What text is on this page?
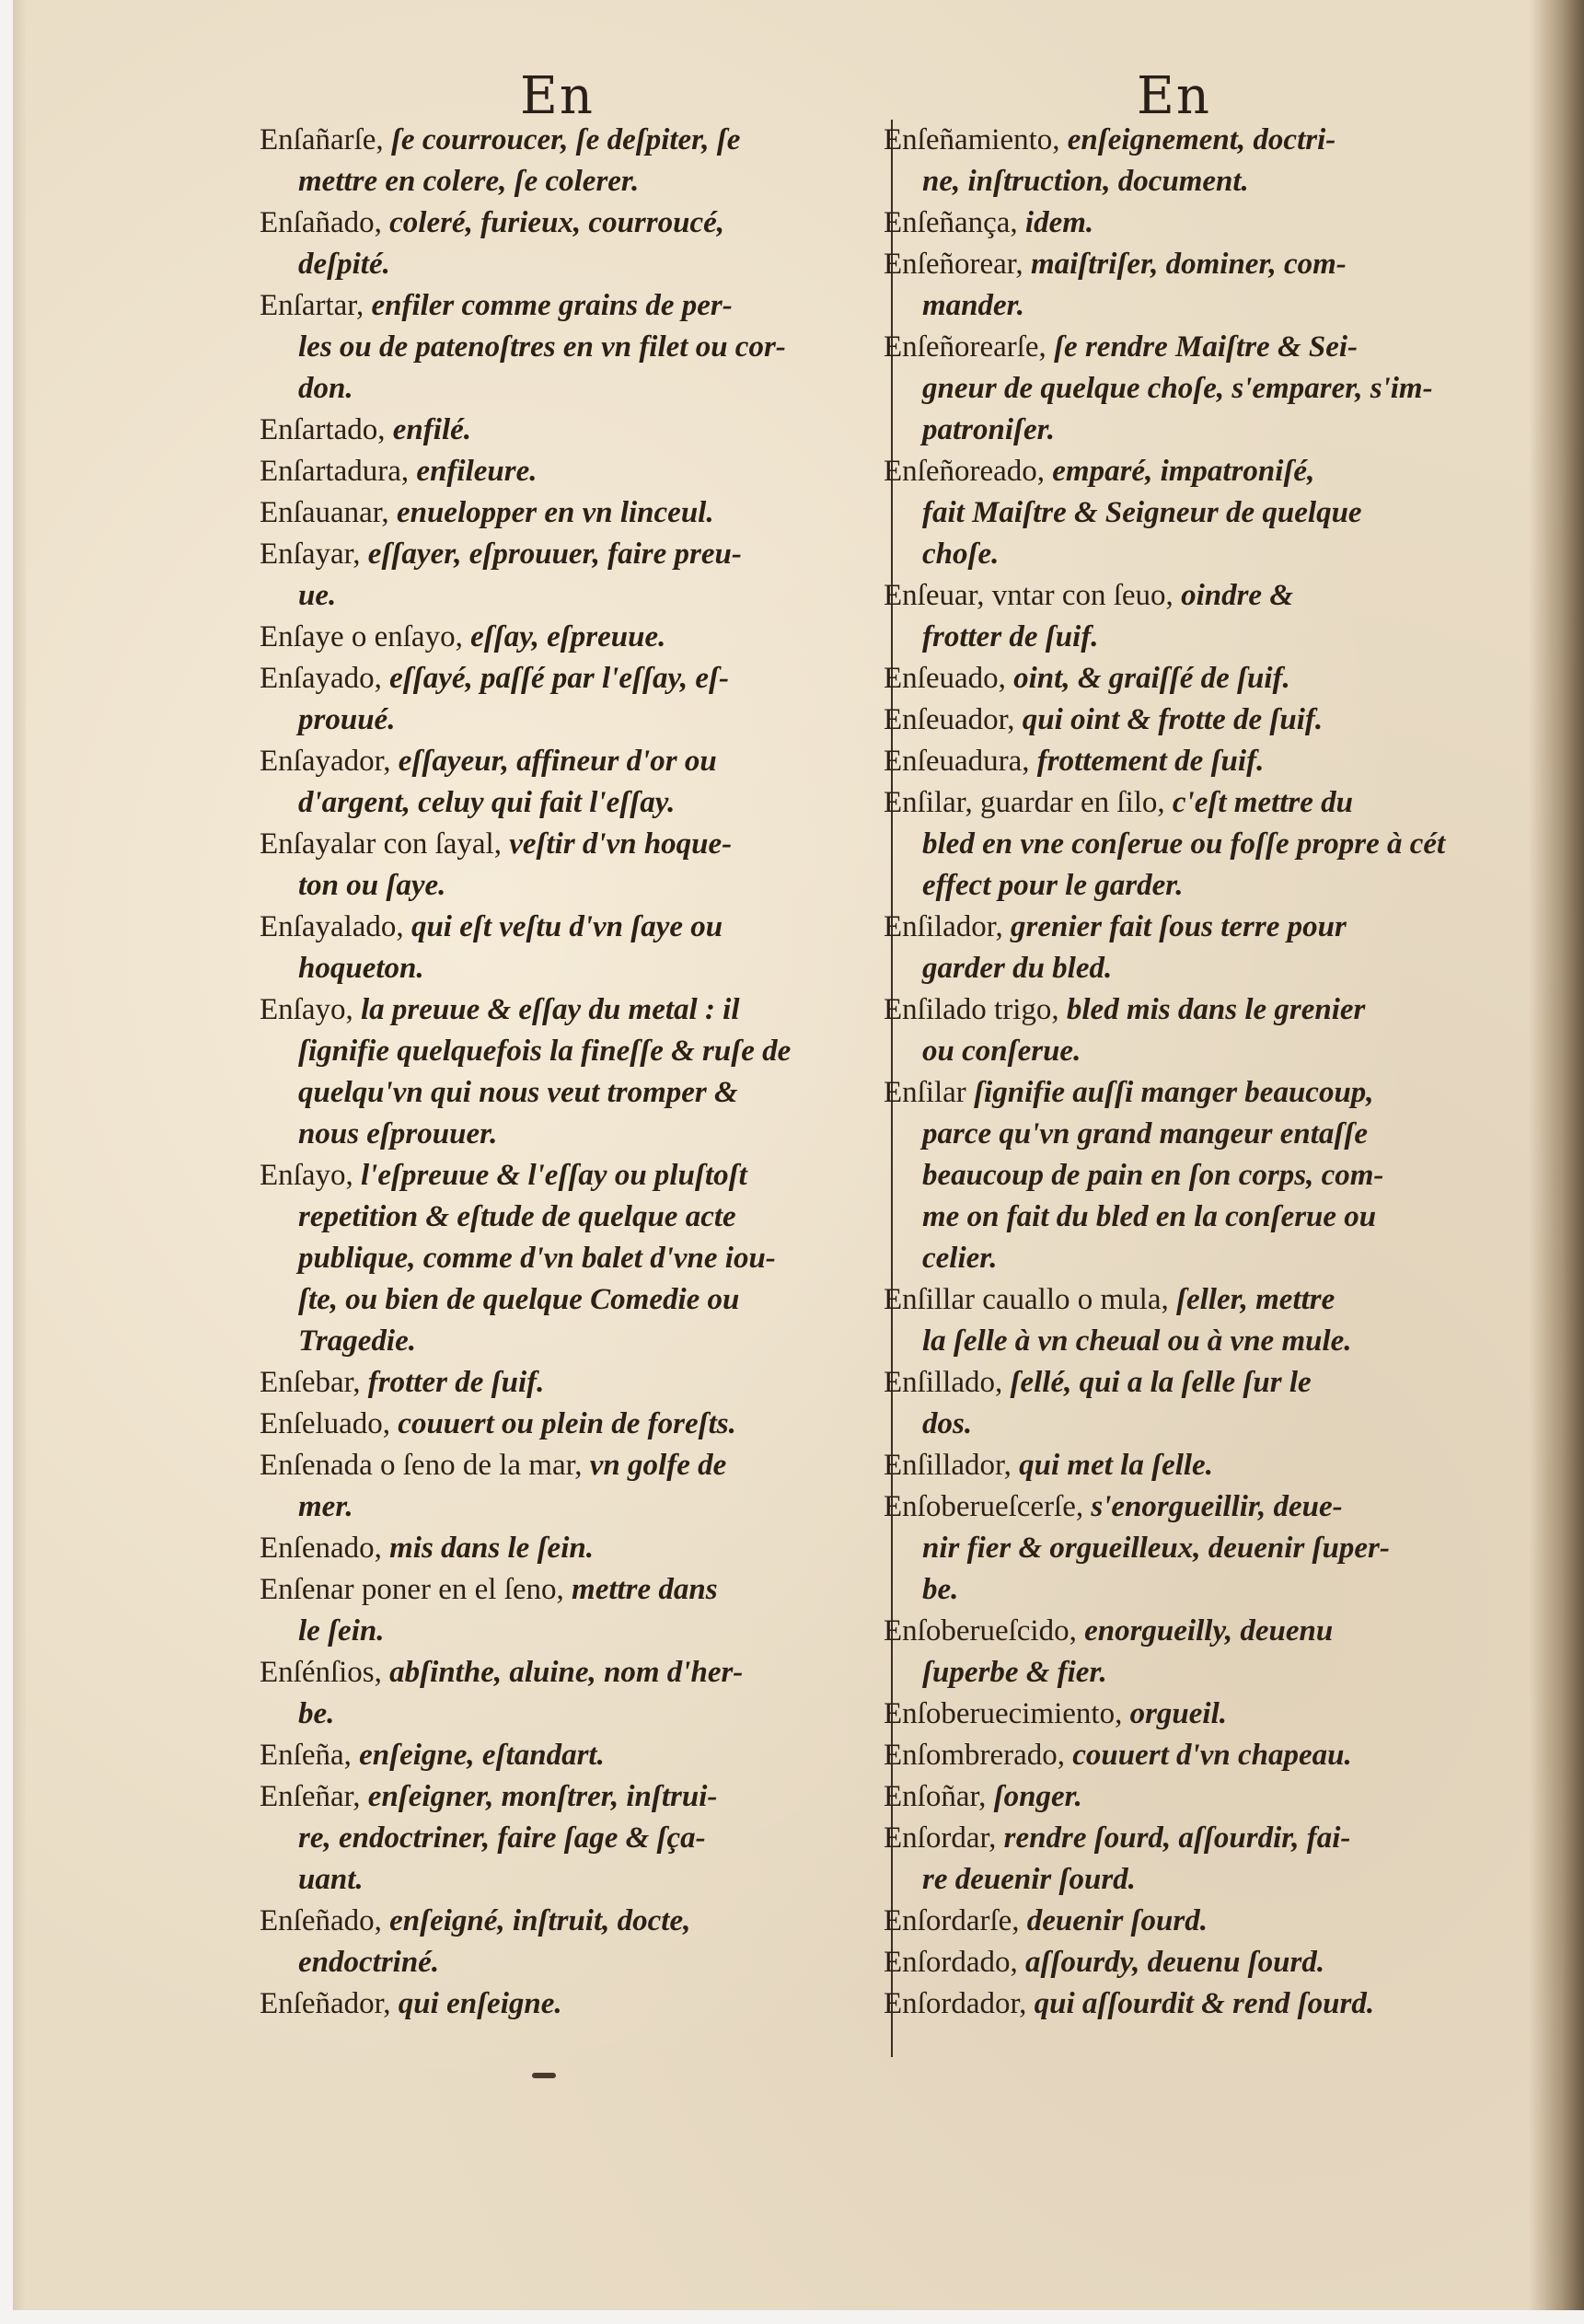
En	En
Enſañarſe, ſe courroucer, ſe deſpiter, ſe
mettre en colere, ſe colerer.
Enſañado, coleré, furieux, courroucé,
deſpité.
Enſartar, enfiler comme grains de per-
les ou de patenoſtres en vn filet ou cor-
don.
Enſartado, enfilé.
Enſartadura, enfileure.
Enſauanar, enuelopper en vn linceul.
Enſayar, eſſayer, eſprouuer, faire preu-
ue.
Enſaye o enſayo, eſſay, eſpreuue.
Enſayado, eſſayé, paſſé par l'eſſay, eſ-
prouué.
Enſayador, eſſayeur, affineur d'or ou
d'argent, celuy qui fait l'eſſay.
Enſayalar con ſayal, veſtir d'vn hoque-
ton ou ſaye.
Enſayalado, qui eſt veſtu d'vn ſaye ou
hoqueton.
Enſayo, la preuue & eſſay du metal : il
ſignifie quelquefois la fineſſe & ruſe de
quelqu'vn qui nous veut tromper &
nous eſprouuer.
Enſayo, l'eſpreuue & l'eſſay ou pluſtoſt
repetition & eſtude de quelque acte
publique, comme d'vn balet d'vne iou-
ſte, ou bien de quelque Comedie ou
Tragedie.
Enſebar, frotter de ſuif.
Enſeluado, couuert ou plein de foreſts.
Enſenada o ſeno de la mar, vn golfe de
mer.
Enſenado, mis dans le ſein.
Enſenar poner en el ſeno, mettre dans
le ſein.
Enſénſios, abſinthe, aluine, nom d'her-
be.
Enſeña, enſeigne, eſtandart.
Enſeñar, enſeigner, monſtrer, inſtrui-
re, endoctriner, faire ſage & ſça-
uant.
Enſeñado, enſeigné, inſtruit, docte,
endoctriné.
Enſeñador, qui enſeigne.
Enſeñamiento, enſeignement, doctri-
ne, inſtruction, document.
Enſeñança, idem.
Enſeñorear, maiſtriſer, dominer, com-
mander.
Enſeñorearſe, ſe rendre Maiſtre & Sei-
gneur de quelque choſe, s'emparer, s'im-
patroniſer.
Enſeñoreado, emparé, impatroniſé,
fait Maiſtre & Seigneur de quelque
choſe.
Enſeuar, vntar con ſeuo, oindre &
frotter de ſuif.
Enſeuado, oint, & graiſſé de ſuif.
Enſeuador, qui oint & frotte de ſuif.
Enſeuadura, frottement de ſuif.
Enſilar, guardar en ſilo, c'eſt mettre du
bled en vne conſerue ou foſſe propre à cét
effect pour le garder.
Enſilador, grenier fait ſous terre pour
garder du bled.
Enſilado trigo, bled mis dans le grenier
ou conſerue.
Enſilar ſignifie auſſi manger beaucoup,
parce qu'vn grand mangeur entaſſe
beaucoup de pain en ſon corps, com-
me on fait du bled en la conſerue ou
celier.
Enſillar cauallo o mula, ſeller, mettre
la ſelle à vn cheual ou à vne mule.
Enſillado, ſellé, qui a la ſelle ſur le
dos.
Enſillador, qui met la ſelle.
Enſoberueſcerſe, s'enorgueillir, deue-
nir fier & orgueilleux, deuenir ſuper-
be.
Enſoberueſcido, enorgueilly, deuenu
ſuperbe & fier.
Enſoberuecimiento, orgueil.
Enſombrerado, couuert d'vn chapeau.
Enſoñar, ſonger.
Enſordar, rendre ſourd, aſſourdir, fai-
re deuenir ſourd.
Enſordarſe, deuenir ſourd.
Enſordado, aſſourdy, deuenu ſourd.
Enſordador, qui aſſourdit & rend ſourd.
